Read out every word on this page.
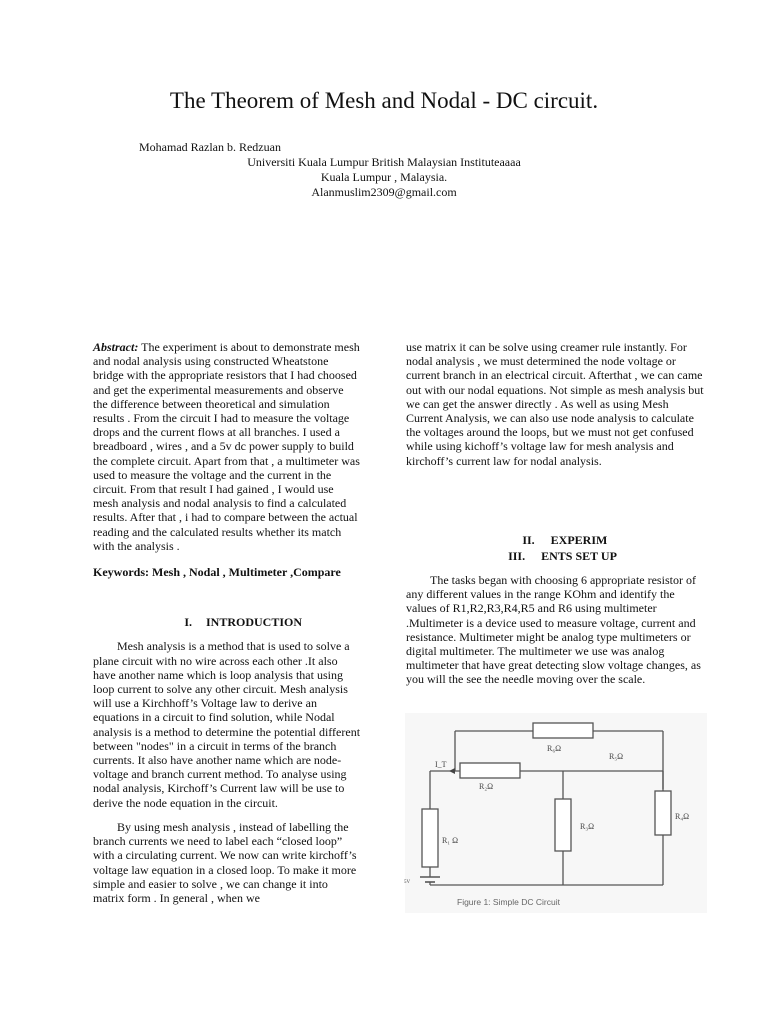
The Theorem of Mesh and Nodal - DC circuit.
Mohamad Razlan b. Redzuan
Universiti Kuala Lumpur British Malaysian Instituteaaaa
Kuala Lumpur , Malaysia.
Alanmuslim2309@gmail.com

Abstract: The experiment is about to demonstrate mesh and nodal analysis using constructed Wheatstone bridge with the appropriate resistors that I had choosed and get the experimental measurements and observe the difference between theoretical and simulation results . From the circuit I had to measure the voltage drops and the current flows at all branches. I used a breadboard , wires , and a 5v dc power supply to build the complete circuit. Apart from that , a multimeter was used to measure the voltage and the current in the circuit. From that result I had gained , I would use mesh analysis and nodal analysis to find a calculated results. After that , i had to compare between the actual reading and the calculated results whether its match with the analysis .

Keywords: Mesh , Nodal , Multimeter ,Compare

I. INTRODUCTION

Mesh analysis is a method that is used to solve a plane circuit with no wire across each other .It also have another name which is loop analysis that using loop current to solve any other circuit. Mesh analysis will use a Kirchhoff’s Voltage law to derive an equations in a circuit to find solution, while Nodal analysis is a method to determine the potential different between "nodes" in a circuit in terms of the branch currents. It also have another name which are node-voltage and branch current method. To analyse using nodal analysis, Kirchoff’s Current law will be use to derive the node equation in the circuit.

By using mesh analysis , instead of labelling the branch currents we need to label each “closed loop” with a circulating current. We now can write kirchoff’s voltage law equation in a closed loop. To make it more simple and easier to solve , we can change it into matrix form . In general , when we

use matrix it can be solve using creamer rule instantly. For nodal analysis , we must determined the node voltage or current branch in an electrical circuit. Afterthat , we can came out with our nodal equations. Not simple as mesh analysis but we can get the answer directly . As well as using Mesh Current Analysis, we can also use node analysis to calculate the voltages around the loops, but we must not get confused while using kichoff’s voltage law for mesh analysis and kirchoff’s current law for nodal analysis.

II. EXPERIM
III. ENTS SET UP

The tasks began with choosing 6 appropriate resistor of any different values in the range KOhm and identify the values of R1,R2,R3,R4,R5 and R6 using multimeter .Multimeter is a device used to measure voltage, current and resistance. Multimeter might be analog type multimeters or digital multimeter. The multimeter we use was analog multimeter that have great detecting slow voltage changes, as you will the see the needle moving over the scale.

R₆Ω
R₅Ω
R₂Ω
I_T
R₁ Ω
R₃Ω
R₄Ω
5V
Figure 1: Simple DC Circuit
